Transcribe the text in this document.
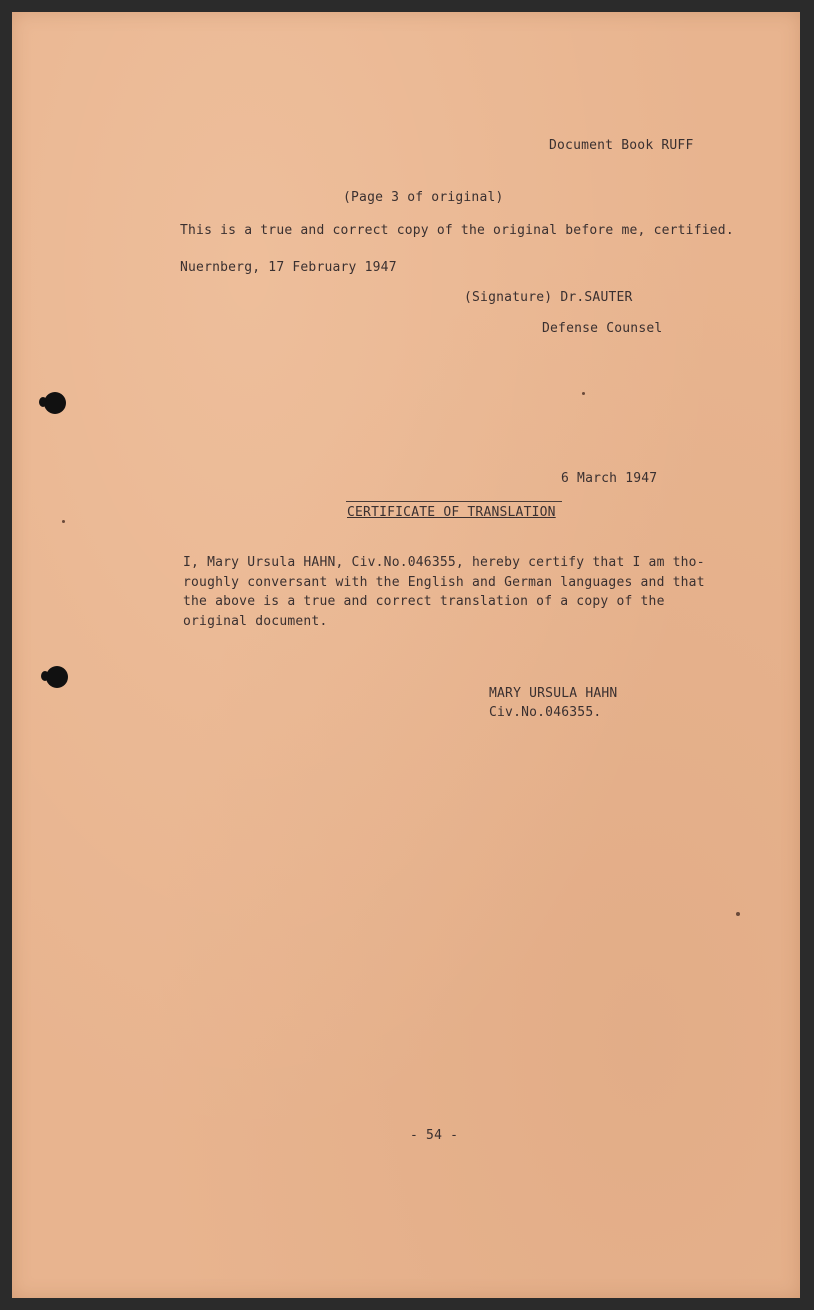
Document Book RUFF
(Page 3 of original)
This is a true and correct copy of the original before me, certified.
Nuernberg, 17 February 1947
(Signature) Dr.SAUTER
Defense Counsel
6 March 1947
CERTIFICATE OF TRANSLATION
I, Mary Ursula HAHN, Civ.No.046355, hereby certify that I am tho-
roughly conversant with the English and German languages and that
the above is a true and correct translation of a copy of the
original document.
MARY URSULA HAHN
Civ.No.046355.
- 54 -
